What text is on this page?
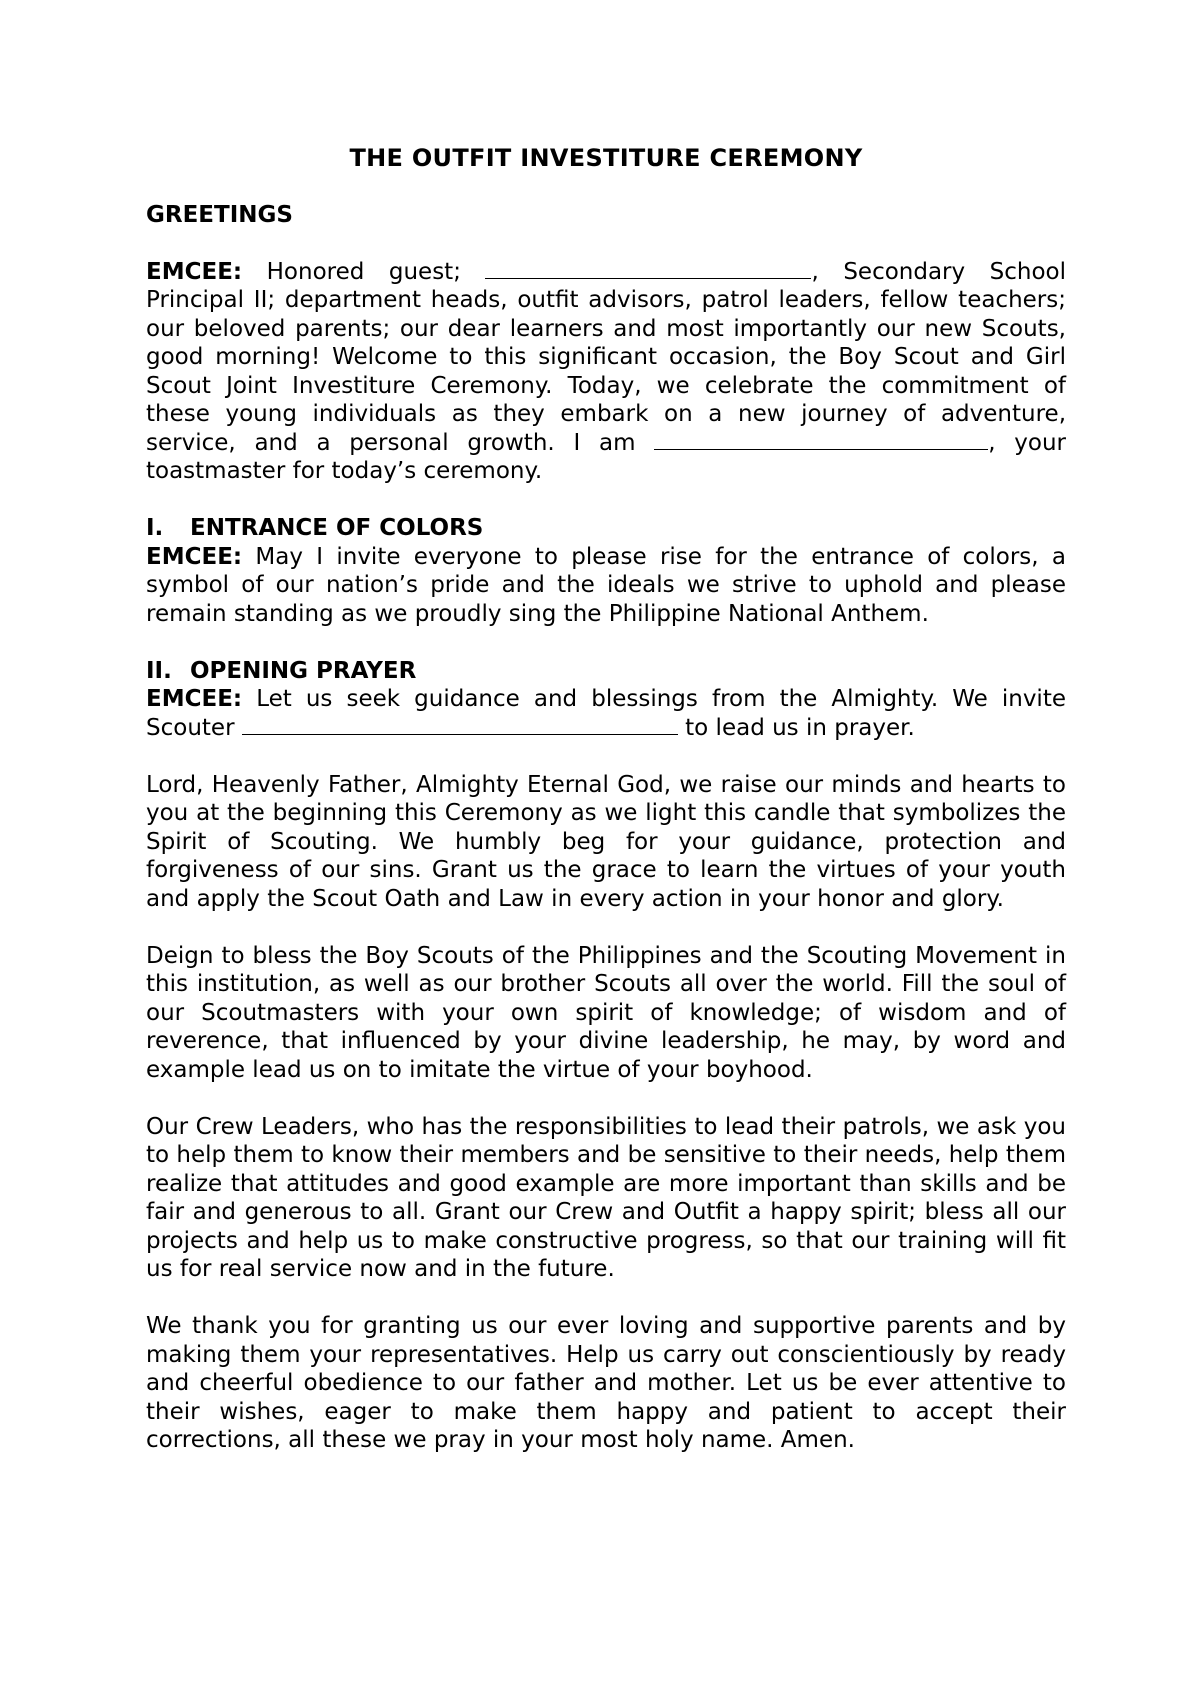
THE OUTFIT INVESTITURE CEREMONY

GREETINGS

EMCEE: Honored guest;	, Secondary School Principal II; department heads, outfit advisors, patrol leaders, fellow teachers; our beloved parents; our dear learners and most importantly our new Scouts, good morning! Welcome to this significant occasion, the Boy Scout and Girl Scout Joint Investiture Ceremony. Today, we celebrate the commitment of these young individuals as they embark on a new journey of adventure, service, and a personal growth. I am	, your toastmaster for today’s ceremony.

I. ENTRANCE OF COLORS

EMCEE: May I invite everyone to please rise for the entrance of colors, a symbol of our nation’s pride and the ideals we strive to uphold and please remain standing as we proudly sing the Philippine National Anthem.

II. OPENING PRAYER

EMCEE: Let us seek guidance and blessings from the Almighty. We invite Scouter	to lead us in prayer.

Lord, Heavenly Father, Almighty Eternal God, we raise our minds and hearts to you at the beginning this Ceremony as we light this candle that symbolizes the Spirit of Scouting. We humbly beg for your guidance, protection and forgiveness of our sins. Grant us the grace to learn the virtues of your youth and apply the Scout Oath and Law in every action in your honor and glory.

Deign to bless the Boy Scouts of the Philippines and the Scouting Movement in this institution, as well as our brother Scouts all over the world. Fill the soul of our Scoutmasters with your own spirit of knowledge; of wisdom and of reverence, that influenced by your divine leadership, he may, by word and example lead us on to imitate the virtue of your boyhood.

Our Crew Leaders, who has the responsibilities to lead their patrols, we ask you to help them to know their members and be sensitive to their needs, help them realize that attitudes and good example are more important than skills and be fair and generous to all. Grant our Crew and Outfit a happy spirit; bless all our projects and help us to make constructive progress, so that our training will fit us for real service now and in the future.

We thank you for granting us our ever loving and supportive parents and by making them your representatives. Help us carry out conscientiously by ready and cheerful obedience to our father and mother. Let us be ever attentive to their wishes, eager to make them happy and patient to accept their corrections, all these we pray in your most holy name. Amen.
